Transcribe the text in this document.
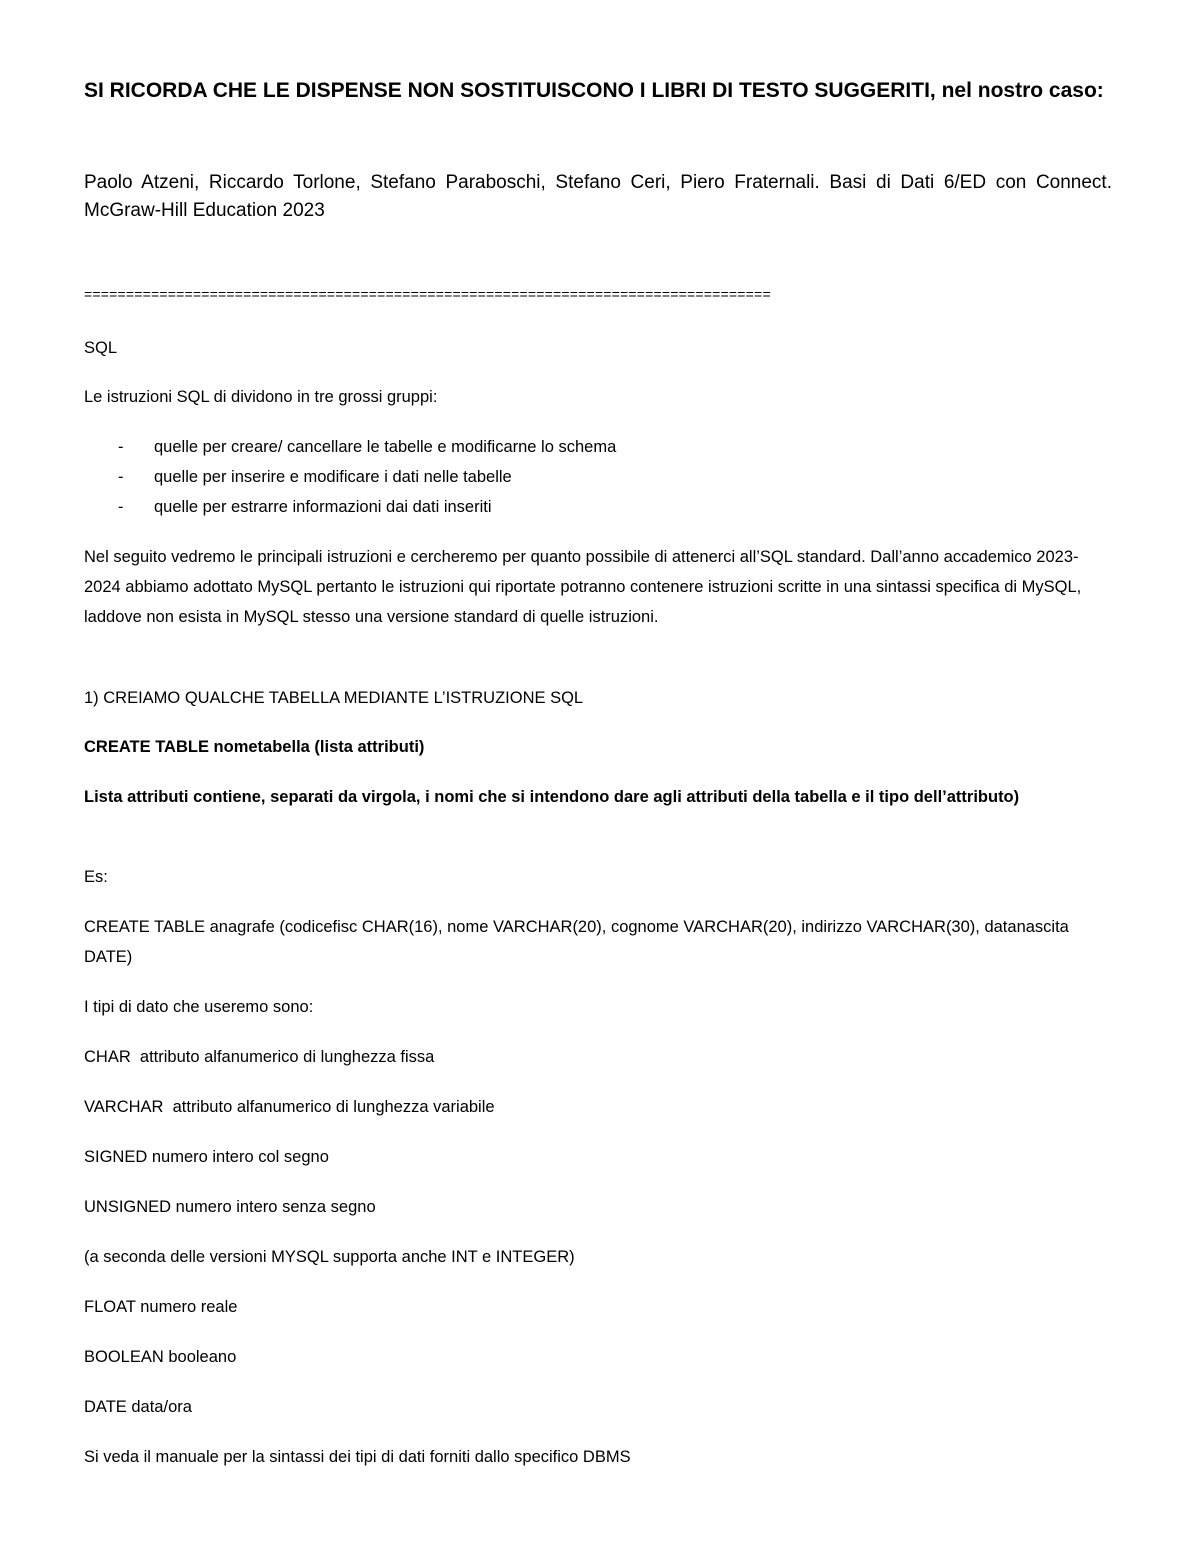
SI RICORDA CHE LE DISPENSE NON SOSTITUISCONO I LIBRI DI TESTO SUGGERITI, nel nostro caso:

Paolo Atzeni, Riccardo Torlone, Stefano Paraboschi, Stefano Ceri, Piero Fraternali. Basi di Dati 6/ED con Connect. McGraw-Hill Education 2023

==================================================================================

SQL

Le istruzioni SQL di dividono in tre grossi gruppi:

- quelle per creare/ cancellare le tabelle e modificarne lo schema
- quelle per inserire e modificare i dati nelle tabelle
- quelle per estrarre informazioni dai dati inseriti

Nel seguito vedremo le principali istruzioni e cercheremo per quanto possibile di attenerci all’SQL standard. Dall’anno accademico 2023-2024 abbiamo adottato MySQL pertanto le istruzioni qui riportate potranno contenere istruzioni scritte in una sintassi specifica di MySQL, laddove non esista in MySQL stesso una versione standard di quelle istruzioni.

1) CREIAMO QUALCHE TABELLA MEDIANTE L’ISTRUZIONE SQL

CREATE TABLE nometabella (lista attributi)

Lista attributi contiene, separati da virgola, i nomi che si intendono dare agli attributi della tabella e il tipo dell’attributo)

Es:

CREATE TABLE anagrafe (codicefisc CHAR(16), nome VARCHAR(20), cognome VARCHAR(20), indirizzo VARCHAR(30), datanascita DATE)

I tipi di dato che useremo sono:

CHAR  attributo alfanumerico di lunghezza fissa

VARCHAR  attributo alfanumerico di lunghezza variabile

SIGNED numero intero col segno

UNSIGNED numero intero senza segno

(a seconda delle versioni MYSQL supporta anche INT e INTEGER)

FLOAT numero reale

BOOLEAN booleano

DATE data/ora

Si veda il manuale per la sintassi dei tipi di dati forniti dallo specifico DBMS
